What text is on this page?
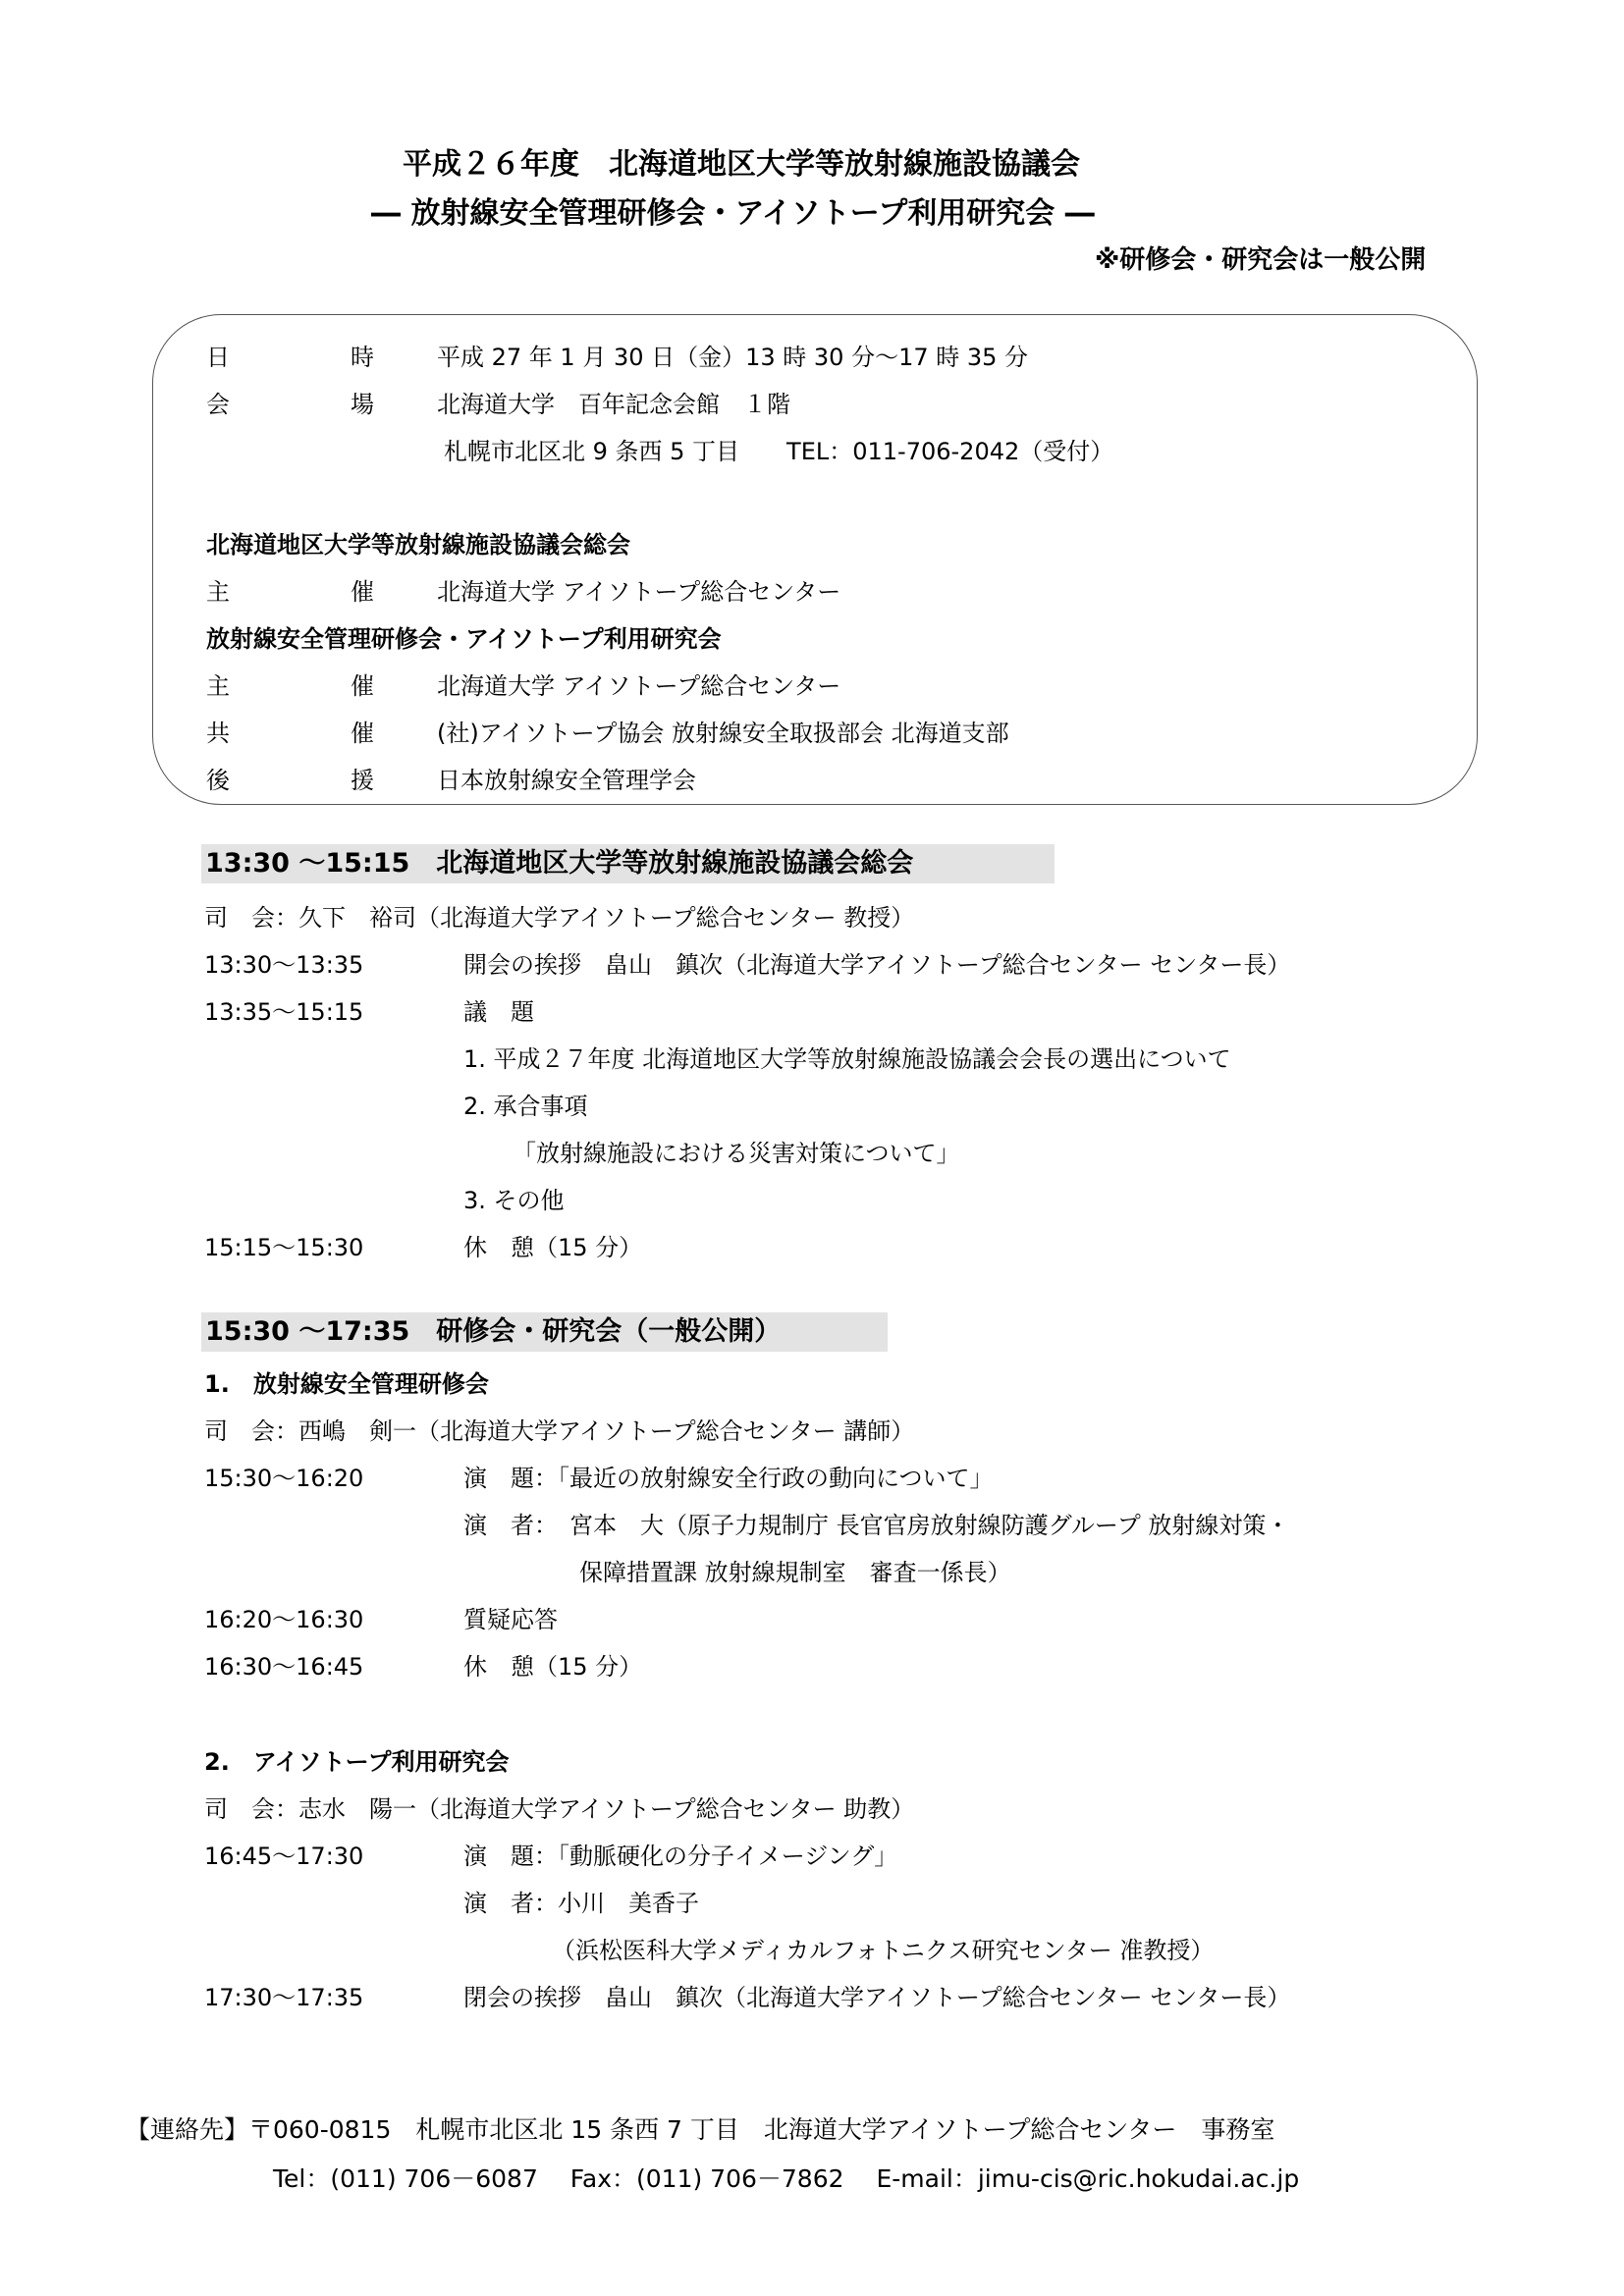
平成２６年度　北海道地区大学等放射線施設協議会
― 放射線安全管理研修会・アイソトープ利用研究会 ―
※研修会・研究会は一般公開
日	時	平成 27 年 1 月 30 日（金）13 時 30 分～17 時 35 分
会	場	北海道大学　百年記念会館　１階
札幌市北区北 9 条西 5 丁目　　TEL：011-706-2042（受付）
北海道地区大学等放射線施設協議会総会
主	催	北海道大学 アイソトープ総合センター
放射線安全管理研修会・アイソトープ利用研究会
主	催	北海道大学 アイソトープ総合センター
共	催	(社)アイソトープ協会 放射線安全取扱部会 北海道支部
後	援	日本放射線安全管理学会
13:30 ～15:15　北海道地区大学等放射線施設協議会総会
司　会：久下　裕司（北海道大学アイソトープ総合センター 教授）
13:30～13:35	開会の挨拶　畠山　鎮次（北海道大学アイソトープ総合センター センター長）
13:35～15:15	議　題
1. 平成２７年度 北海道地区大学等放射線施設協議会会長の選出について
2. 承合事項
「放射線施設における災害対策について」
3. その他
15:15～15:30	休　憩（15 分）
15:30 ～17:35　研修会・研究会（一般公開）
1.　放射線安全管理研修会
司　会：西嶋　剣一（北海道大学アイソトープ総合センター 講師）
15:30～16:20	演　題：「最近の放射線安全行政の動向について」
演　者：　宮本　大（原子力規制庁 長官官房放射線防護グループ 放射線対策・
保障措置課 放射線規制室　審査一係長）
16:20～16:30	質疑応答
16:30～16:45	休　憩（15 分）
2.　アイソトープ利用研究会
司　会：志水　陽一（北海道大学アイソトープ総合センター 助教）
16:45～17:30	演　題：「動脈硬化の分子イメージング」
演　者：小川　美香子
（浜松医科大学メディカルフォトニクス研究センター 准教授）
17:30～17:35	閉会の挨拶　畠山　鎮次（北海道大学アイソトープ総合センター センター長）
【連絡先】〒060-0815　札幌市北区北 15 条西 7 丁目　北海道大学アイソトープ総合センター　事務室
Tel：(011) 706－6087　 Fax：(011) 706－7862　 E-mail：jimu-cis@ric.hokudai.ac.jp
